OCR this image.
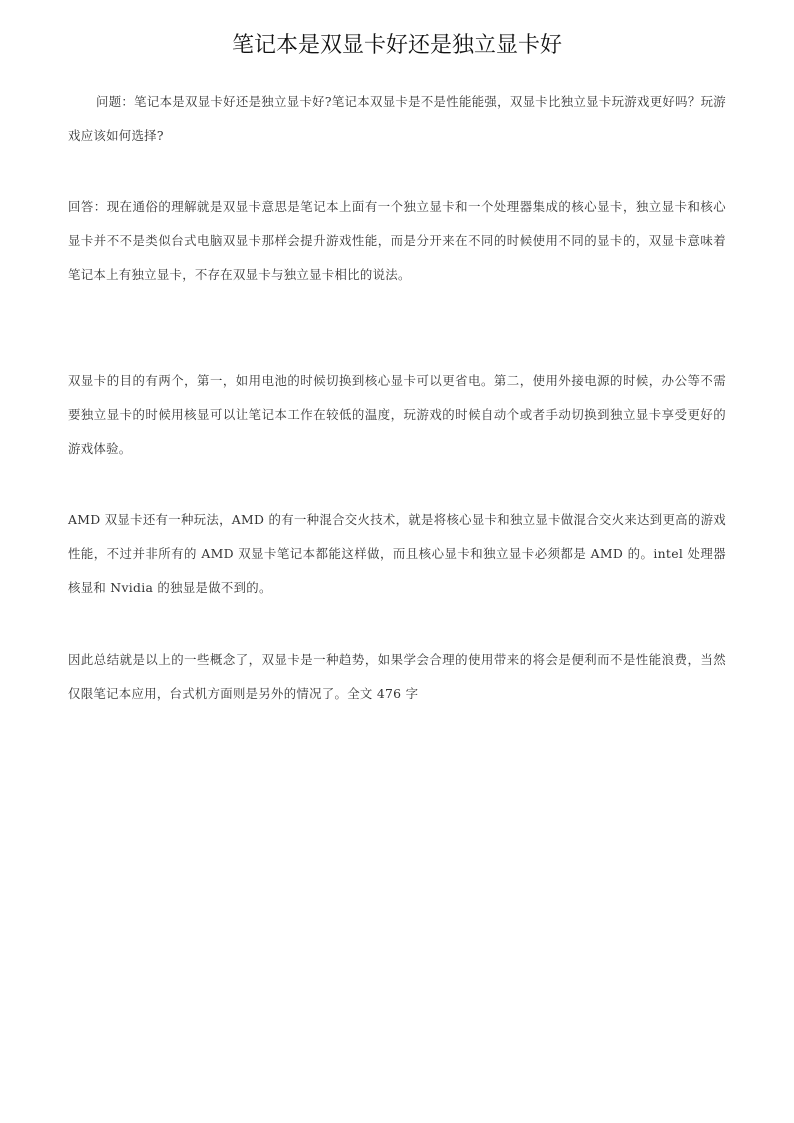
笔记本是双显卡好还是独立显卡好

问题：笔记本是双显卡好还是独立显卡好?笔记本双显卡是不是性能能强，双显卡比独立显卡玩游戏更好吗？玩游戏应该如何选择?

回答：现在通俗的理解就是双显卡意思是笔记本上面有一个独立显卡和一个处理器集成的核心显卡，独立显卡和核心显卡并不不是类似台式电脑双显卡那样会提升游戏性能，而是分开来在不同的时候使用不同的显卡的，双显卡意味着笔记本上有独立显卡，不存在双显卡与独立显卡相比的说法。

双显卡的目的有两个，第一，如用电池的时候切换到核心显卡可以更省电。第二，使用外接电源的时候，办公等不需要独立显卡的时候用核显可以让笔记本工作在较低的温度，玩游戏的时候自动个或者手动切换到独立显卡享受更好的游戏体验。

AMD 双显卡还有一种玩法，AMD 的有一种混合交火技术，就是将核心显卡和独立显卡做混合交火来达到更高的游戏性能，不过并非所有的 AMD 双显卡笔记本都能这样做，而且核心显卡和独立显卡必须都是 AMD 的。intel 处理器核显和 Nvidia 的独显是做不到的。

因此总结就是以上的一些概念了，双显卡是一种趋势，如果学会合理的使用带来的将会是便利而不是性能浪费，当然仅限笔记本应用，台式机方面则是另外的情况了。全文 476 字
